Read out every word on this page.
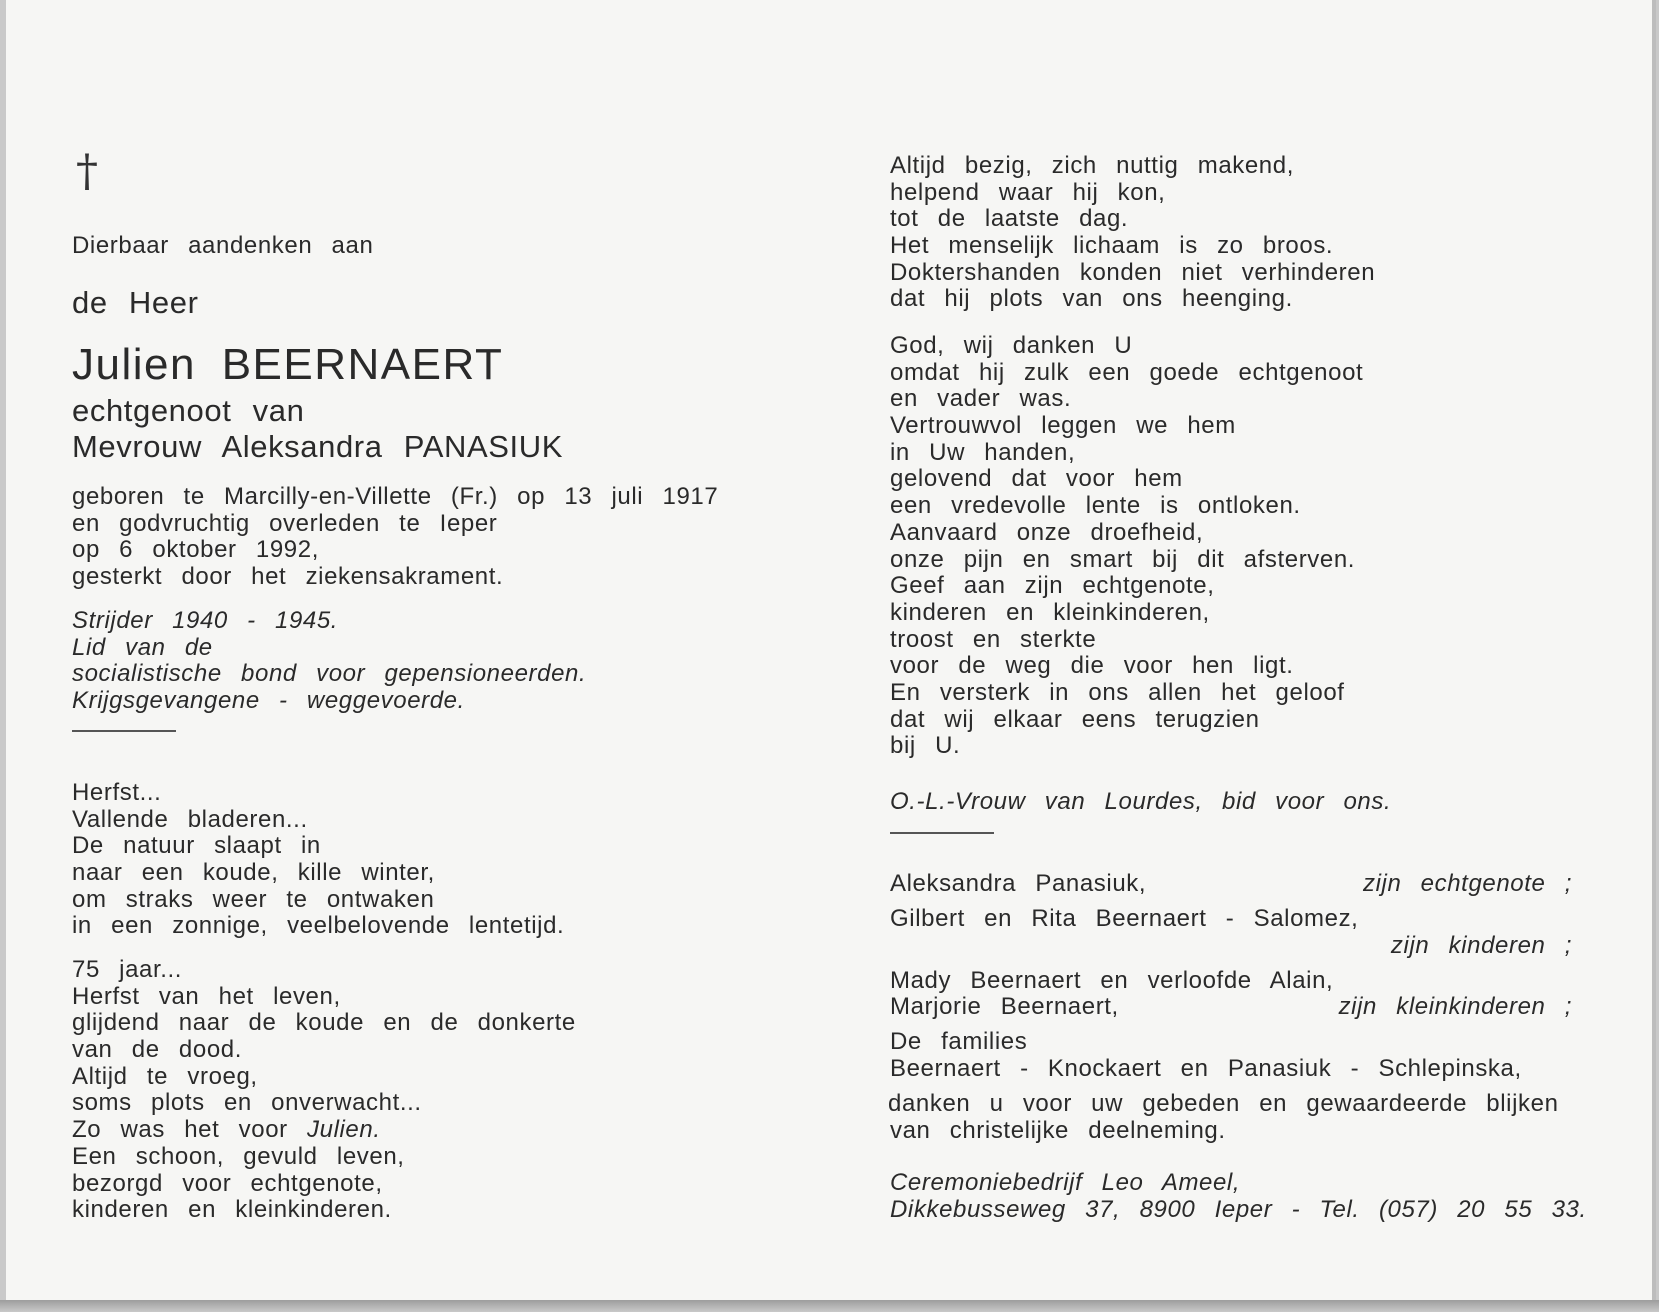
†
Dierbaar aandenken aan
de Heer
Julien BEERNAERT
echtgenoot van
Mevrouw Aleksandra PANASIUK
geboren te Marcilly-en-Villette (Fr.) op 13 juli 1917
en godvruchtig overleden te Ieper
op 6 oktober 1992,
gesterkt door het ziekensakrament.
Strijder 1940 - 1945.
Lid van de
socialistische bond voor gepensioneerden.
Krijgsgevangene - weggevoerde.
Herfst...
Vallende bladeren...
De natuur slaapt in
naar een koude, kille winter,
om straks weer te ontwaken
in een zonnige, veelbelovende lentetijd.
75 jaar...
Herfst van het leven,
glijdend naar de koude en de donkerte
van de dood.
Altijd te vroeg,
soms plots en onverwacht...
Zo was het voor Julien.
Een schoon, gevuld leven,
bezorgd voor echtgenote,
kinderen en kleinkinderen.
Altijd bezig, zich nuttig makend,
helpend waar hij kon,
tot de laatste dag.
Het menselijk lichaam is zo broos.
Doktershanden konden niet verhinderen
dat hij plots van ons heenging.
God, wij danken U
omdat hij zulk een goede echtgenoot
en vader was.
Vertrouwvol leggen we hem
in Uw handen,
gelovend dat voor hem
een vredevolle lente is ontloken.
Aanvaard onze droefheid,
onze pijn en smart bij dit afsterven.
Geef aan zijn echtgenote,
kinderen en kleinkinderen,
troost en sterkte
voor de weg die voor hen ligt.
En versterk in ons allen het geloof
dat wij elkaar eens terugzien
bij U.
O.-L.-Vrouw van Lourdes, bid voor ons.
Aleksandra Panasiuk,	zijn echtgenote ;
Gilbert en Rita Beernaert - Salomez,
zijn kinderen ;
Mady Beernaert en verloofde Alain,
Marjorie Beernaert,	zijn kleinkinderen ;
De families
Beernaert - Knockaert en Panasiuk - Schlepinska,
danken u voor uw gebeden en gewaardeerde blijken
van christelijke deelneming.
Ceremoniebedrijf Leo Ameel,
Dikkebusseweg 37, 8900 Ieper - Tel. (057) 20 55 33.
